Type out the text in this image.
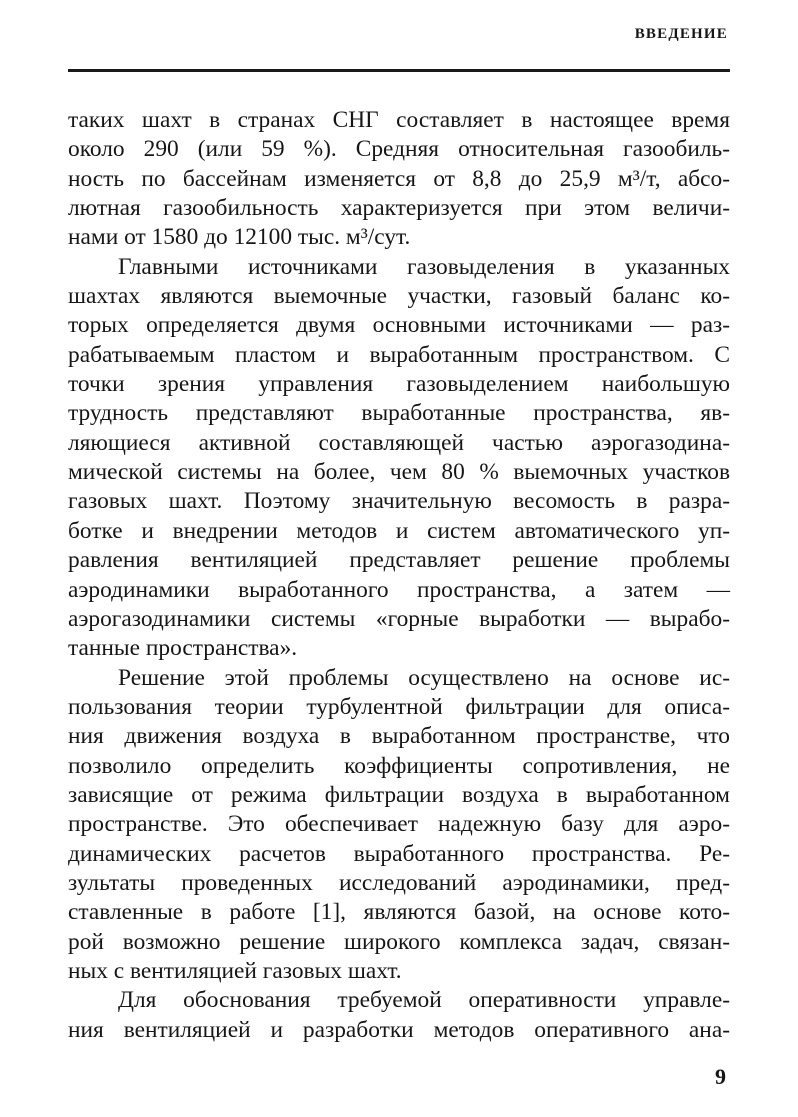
ВВЕДЕНИЕ

таких шахт в странах СНГ составляет в настоящее время
около 290 (или 59 %). Средняя относительная газообиль-
ность по бассейнам изменяется от 8,8 до 25,9 м³/т, абсо-
лютная газообильность характеризуется при этом величи-
нами от 1580 до 12100 тыс. м³/сут.

Главными источниками газовыделения в указанных
шахтах являются выемочные участки, газовый баланс ко-
торых определяется двумя основными источниками — раз-
рабатываемым пластом и выработанным пространством. С
точки зрения управления газовыделением наибольшую
трудность представляют выработанные пространства, яв-
ляющиеся активной составляющей частью аэрогазодина-
мической системы на более, чем 80 % выемочных участков
газовых шахт. Поэтому значительную весомость в разра-
ботке и внедрении методов и систем автоматического уп-
равления вентиляцией представляет решение проблемы
аэродинамики выработанного пространства, а затем —
аэрогазодинамики системы «горные выработки — вырабо-
танные пространства».

Решение этой проблемы осуществлено на основе ис-
пользования теории турбулентной фильтрации для описа-
ния движения воздуха в выработанном пространстве, что
позволило определить коэффициенты сопротивления, не
зависящие от режима фильтрации воздуха в выработанном
пространстве. Это обеспечивает надежную базу для аэро-
динамических расчетов выработанного пространства. Ре-
зультаты проведенных исследований аэродинамики, пред-
ставленные в работе [1], являются базой, на основе кото-
рой возможно решение широкого комплекса задач, связан-
ных с вентиляцией газовых шахт.

Для обоснования требуемой оперативности управле-
ния вентиляцией и разработки методов оперативного ана-

9
